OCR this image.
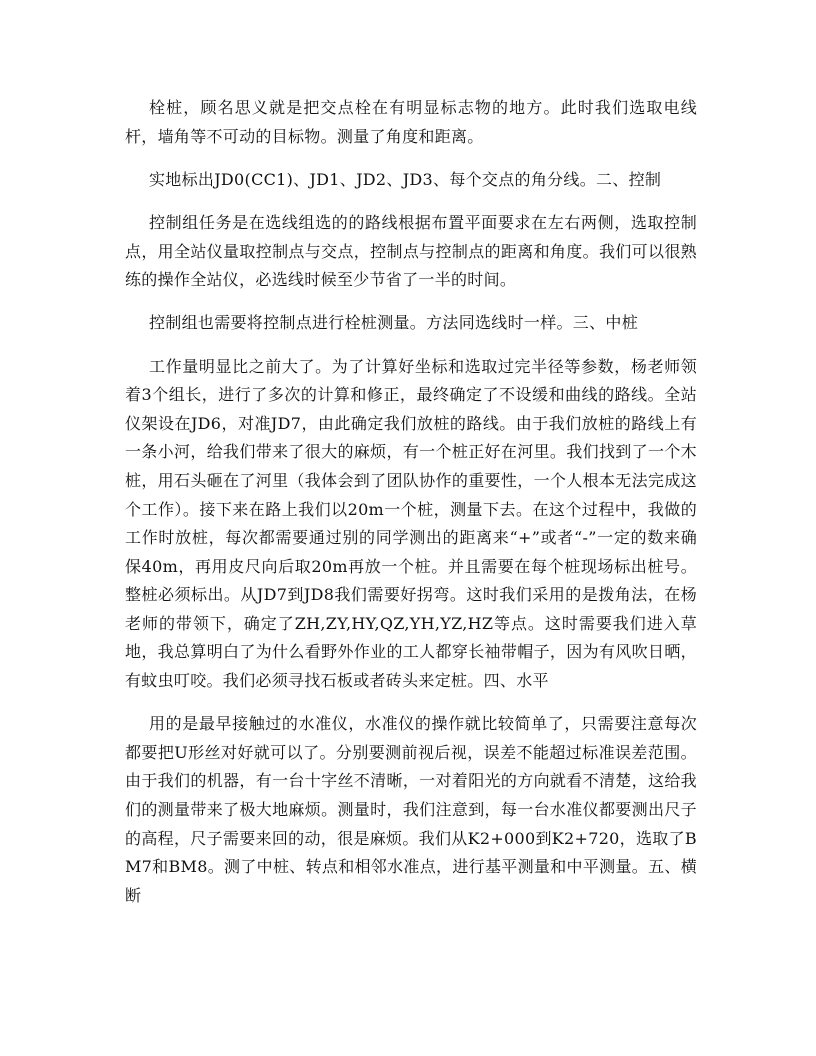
栓桩，顾名思义就是把交点栓在有明显标志物的地方。此时我们选取电线杆，墙角等不可动的目标物。测量了角度和距离。

实地标出JD0(CC1)、JD1、JD2、JD3、每个交点的角分线。二、控制

控制组任务是在选线组选的的路线根据布置平面要求在左右两侧，选取控制点，用全站仪量取控制点与交点，控制点与控制点的距离和角度。我们可以很熟练的操作全站仪，必选线时候至少节省了一半的时间。

控制组也需要将控制点进行栓桩测量。方法同选线时一样。三、中桩

工作量明显比之前大了。为了计算好坐标和选取过完半径等参数，杨老师领着3个组长，进行了多次的计算和修正，最终确定了不设缓和曲线的路线。全站仪架设在JD6，对准JD7，由此确定我们放桩的路线。由于我们放桩的路线上有一条小河，给我们带来了很大的麻烦，有一个桩正好在河里。我们找到了一个木桩，用石头砸在了河里（我体会到了团队协作的重要性，一个人根本无法完成这个工作）。接下来在路上我们以20m一个桩，测量下去。在这个过程中，我做的工作时放桩，每次都需要通过别的同学测出的距离来“+”或者“-”一定的数来确保40m，再用皮尺向后取20m再放一个桩。并且需要在每个桩现场标出桩号。整桩必须标出。从JD7到JD8我们需要好拐弯。这时我们采用的是拨角法，在杨老师的带领下，确定了ZH,ZY,HY,QZ,YH,YZ,HZ等点。这时需要我们进入草地，我总算明白了为什么看野外作业的工人都穿长袖带帽子，因为有风吹日晒，有蚊虫叮咬。我们必须寻找石板或者砖头来定桩。四、水平

用的是最早接触过的水准仪，水准仪的操作就比较简单了，只需要注意每次都要把U形丝对好就可以了。分别要测前视后视，误差不能超过标准误差范围。由于我们的机器，有一台十字丝不清晰，一对着阳光的方向就看不清楚，这给我们的测量带来了极大地麻烦。测量时，我们注意到，每一台水准仪都要测出尺子的高程，尺子需要来回的动，很是麻烦。我们从K2+000到K2+720，选取了BM7和BM8。测了中桩、转点和相邻水准点，进行基平测量和中平测量。五、横断
